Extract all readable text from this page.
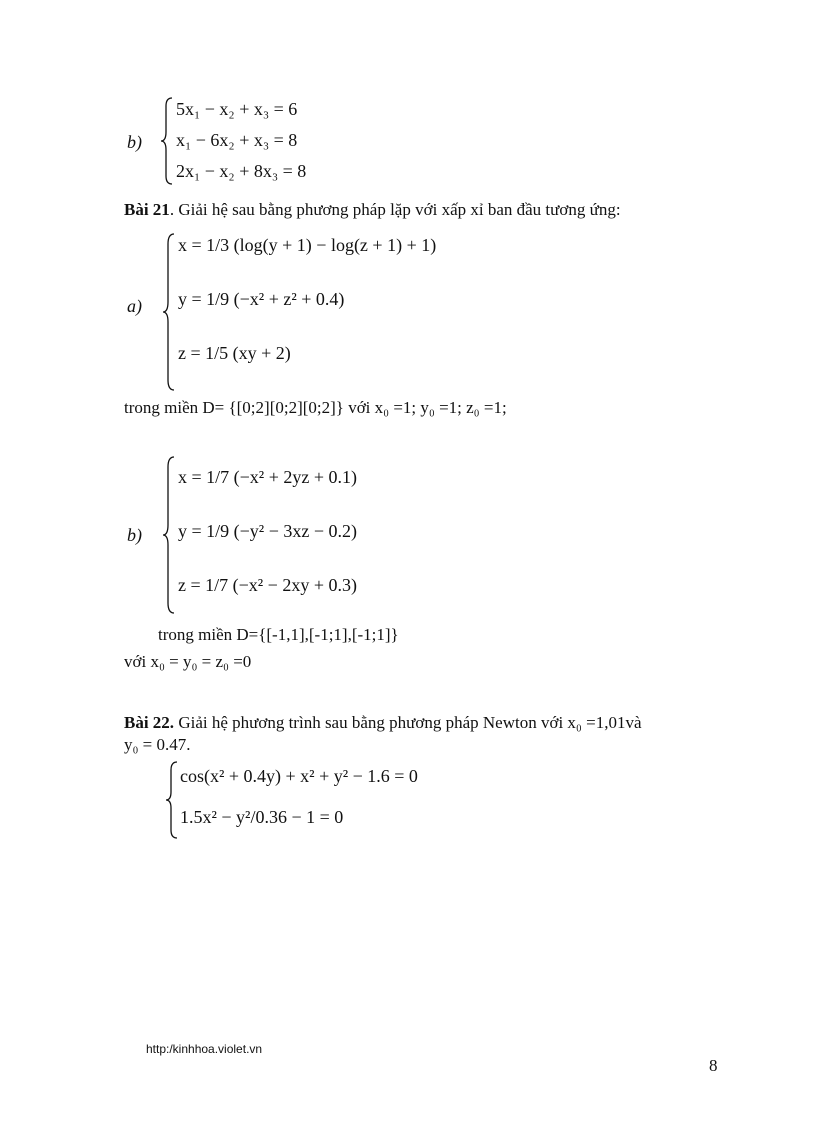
b)
5x₁ − x₂ + x₃ = 6
x₁ − 6x₂ + x₃ = 8
2x₁ − x₂ + 8x₃ = 8
Bài 21. Giải hệ sau bằng phương pháp lặp với xấp xỉ ban đầu tương ứng:
a)
x = 1/3 (log(y + 1) − log(z + 1) + 1)
y = 1/9 (−x² + z² + 0.4)
z = 1/5 (xy + 2)
trong miền D= {[0;2][0;2][0;2]} với x₀ =1; y₀ =1; z₀ =1;
b)
x = 1/7 (−x² + 2yz + 0.1)
y = 1/9 (−y² − 3xz − 0.2)
z = 1/7 (−x² − 2xy + 0.3)
trong miền D={[-1,1],[-1;1],[-1;1]}
với x₀ = y₀ = z₀ =0
Bài 22. Giải hệ phương trình sau bằng phương pháp Newton với x₀ =1,01và
y₀ = 0.47.
cos(x² + 0.4y) + x² + y² − 1.6 = 0
1.5x² − y²/0.36 − 1 = 0
http:/kinhhoa.violet.vn
8
